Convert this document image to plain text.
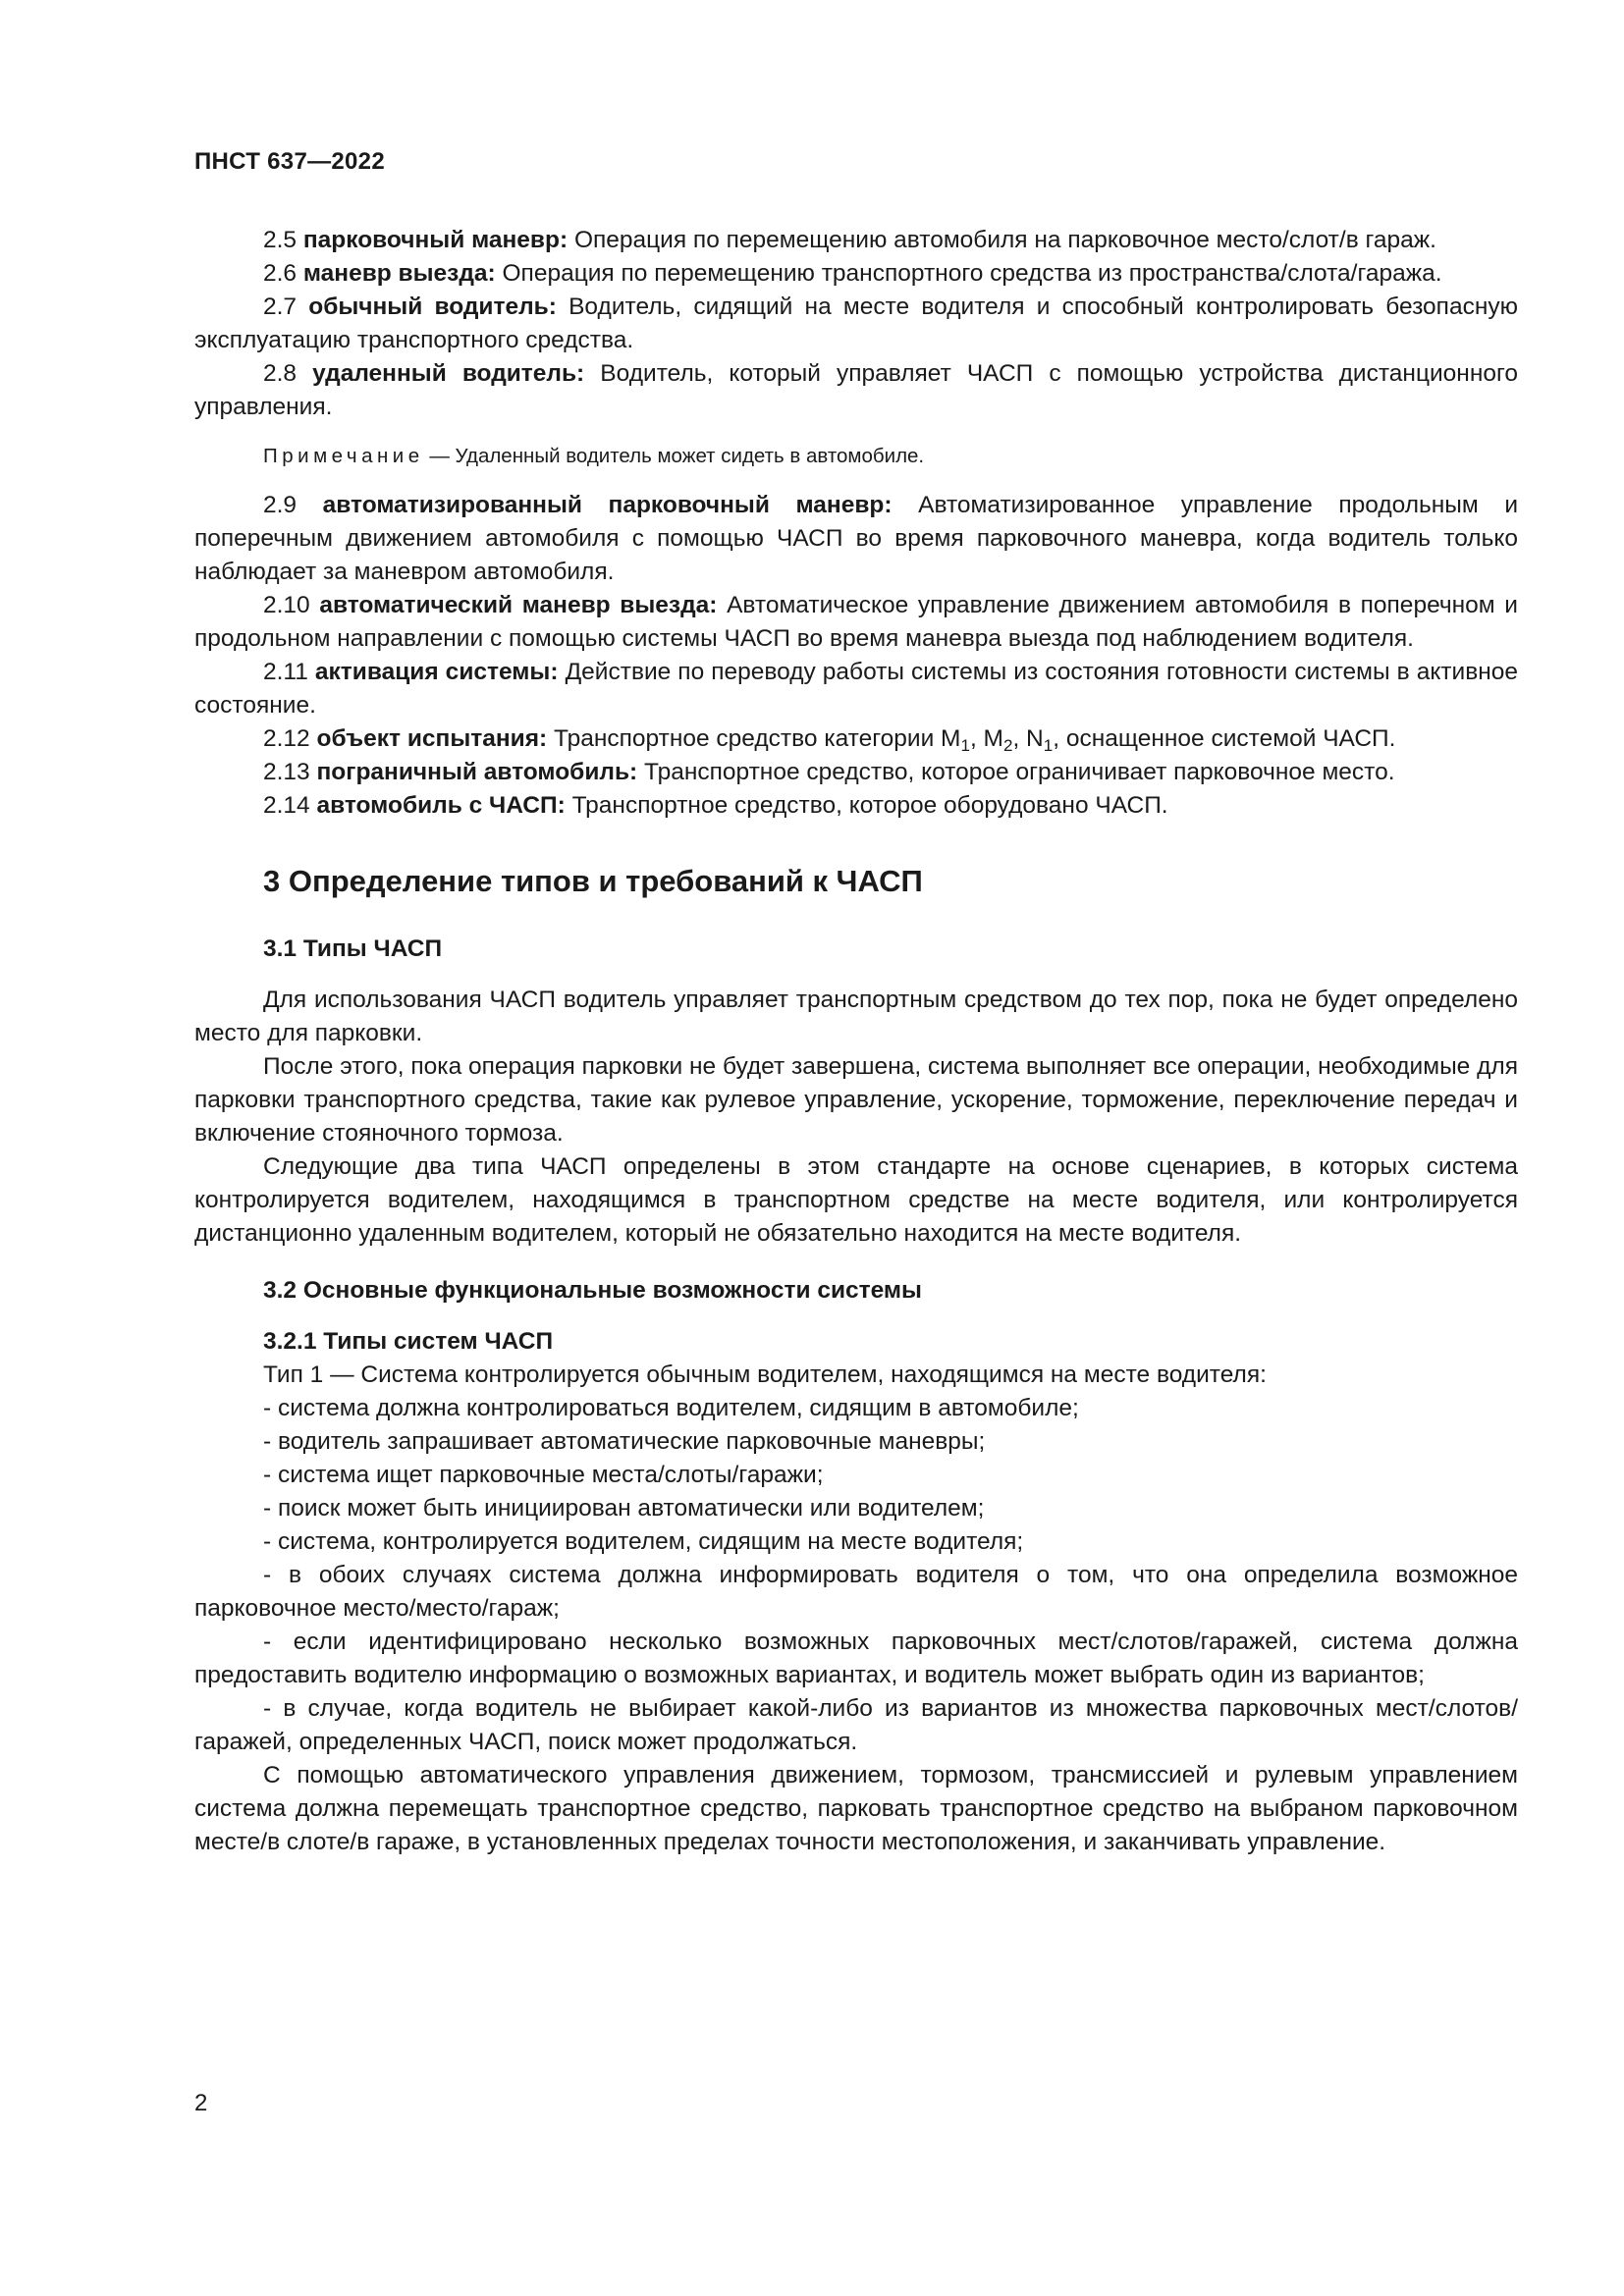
ПНСТ 637—2022

2.5 парковочный маневр: Операция по перемещению автомобиля на парковочное место/слот/в гараж.

2.6 маневр выезда: Операция по перемещению транспортного средства из пространства/слота/гаража.

2.7 обычный водитель: Водитель, сидящий на месте водителя и способный контролировать безопасную эксплуатацию транспортного средства.

2.8 удаленный водитель: Водитель, который управляет ЧАСП с помощью устройства дистанционного управления.

Примечание — Удаленный водитель может сидеть в автомобиле.

2.9 автоматизированный парковочный маневр: Автоматизированное управление продольным и поперечным движением автомобиля с помощью ЧАСП во время парковочного маневра, когда водитель только наблюдает за маневром автомобиля.

2.10 автоматический маневр выезда: Автоматическое управление движением автомобиля в поперечном и продольном направлении с помощью системы ЧАСП во время маневра выезда под наблюдением водителя.

2.11 активация системы: Действие по переводу работы системы из состояния готовности системы в активное состояние.

2.12 объект испытания: Транспортное средство категории $M_1$, $M_2$, $N_1$, оснащенное системой ЧАСП.

2.13 пограничный автомобиль: Транспортное средство, которое ограничивает парковочное место.

2.14 автомобиль с ЧАСП: Транспортное средство, которое оборудовано ЧАСП.

3 Определение типов и требований к ЧАСП
3.1 Типы ЧАСП

Для использования ЧАСП водитель управляет транспортным средством до тех пор, пока не будет определено место для парковки.

После этого, пока операция парковки не будет завершена, система выполняет все операции, необходимые для парковки транспортного средства, такие как рулевое управление, ускорение, торможение, переключение передач и включение стояночного тормоза.

Следующие два типа ЧАСП определены в этом стандарте на основе сценариев, в которых система контролируется водителем, находящимся в транспортном средстве на месте водителя, или контролируется дистанционно удаленным водителем, который не обязательно находится на месте водителя.

3.2 Основные функциональные возможности системы
3.2.1 Типы систем ЧАСП

Тип 1 — Система контролируется обычным водителем, находящимся на месте водителя:

- система должна контролироваться водителем, сидящим в автомобиле;

- водитель запрашивает автоматические парковочные маневры;

- система ищет парковочные места/слоты/гаражи;

- поиск может быть инициирован автоматически или водителем;

- система, контролируется водителем, сидящим на месте водителя;

- в обоих случаях система должна информировать водителя о том, что она определила возможное парковочное место/место/гараж;

- если идентифицировано несколько возможных парковочных мест/слотов/гаражей, система должна предоставить водителю информацию о возможных вариантах, и водитель может выбрать один из вариантов;

- в случае, когда водитель не выбирает какой-либо из вариантов из множества парковочных мест/слотов/гаражей, определенных ЧАСП, поиск может продолжаться.

С помощью автоматического управления движением, тормозом, трансмиссией и рулевым управлением система должна перемещать транспортное средство, парковать транспортное средство на выбраном парковочном месте/в слоте/в гараже, в установленных пределах точности местоположения, и заканчивать управление.

2
